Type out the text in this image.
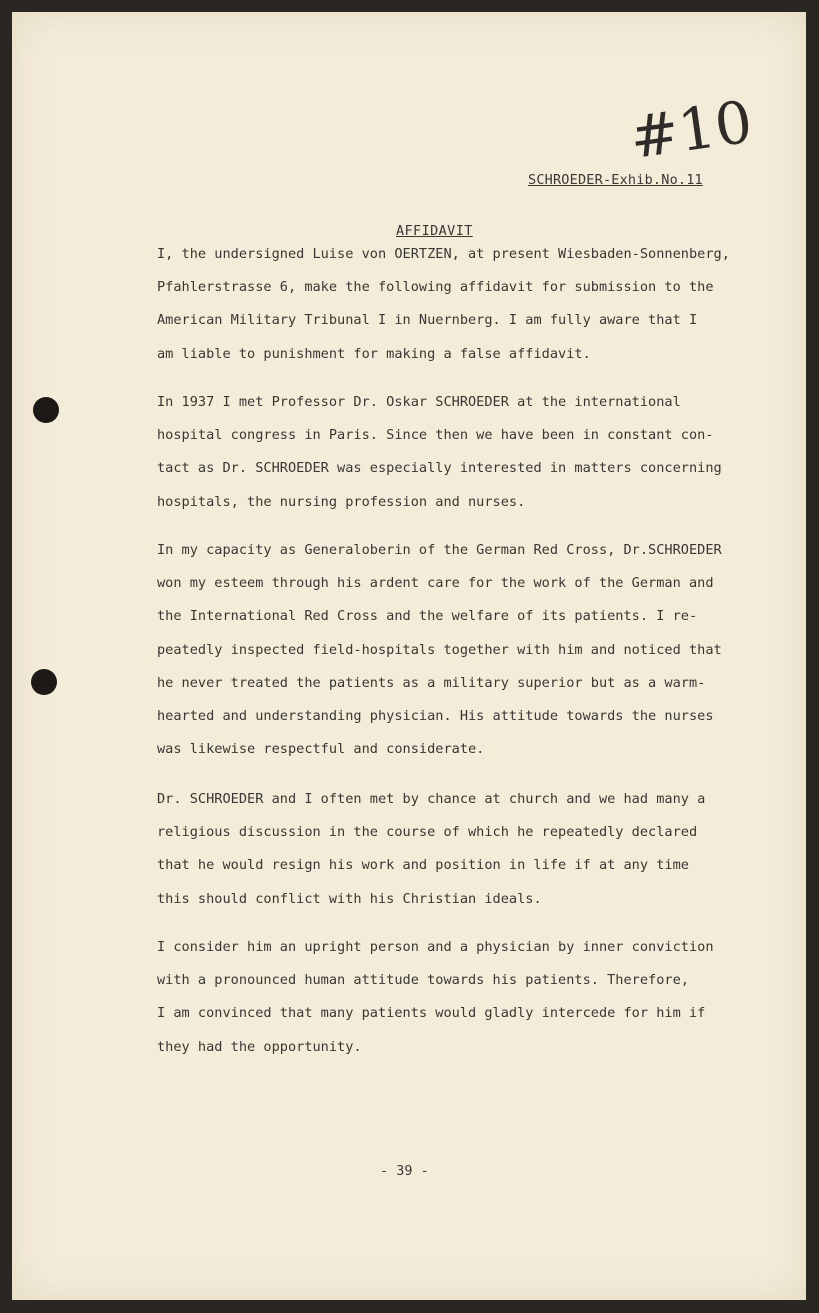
#10
SCHROEDER-Exhib.No.11
AFFIDAVIT
I, the undersigned Luise von OERTZEN, at present Wiesbaden-Sonnenberg,
Pfahlerstrasse 6, make the following affidavit for submission to the
American Military Tribunal I in Nuernberg. I am fully aware that I
am liable to punishment for making a false affidavit.
In 1937 I met Professor Dr. Oskar SCHROEDER at the international
hospital congress in Paris. Since then we have been in constant con-
tact as Dr. SCHROEDER was especially interested in matters concerning
hospitals, the nursing profession and nurses.
In my capacity as Generaloberin of the German Red Cross, Dr.SCHROEDER
won my esteem through his ardent care for the work of the German and
the International Red Cross and the welfare of its patients. I re-
peatedly inspected field-hospitals together with him and noticed that
he never treated the patients as a military superior but as a warm-
hearted and understanding physician. His attitude towards the nurses
was likewise respectful and considerate.
Dr. SCHROEDER and I often met by chance at church and we had many a
religious discussion in the course of which he repeatedly declared
that he would resign his work and position in life if at any time
this should conflict with his Christian ideals.
I consider him an upright person and a physician by inner conviction
with a pronounced human attitude towards his patients. Therefore,
I am convinced that many patients would gladly intercede for him if
they had the opportunity.
- 39 -
